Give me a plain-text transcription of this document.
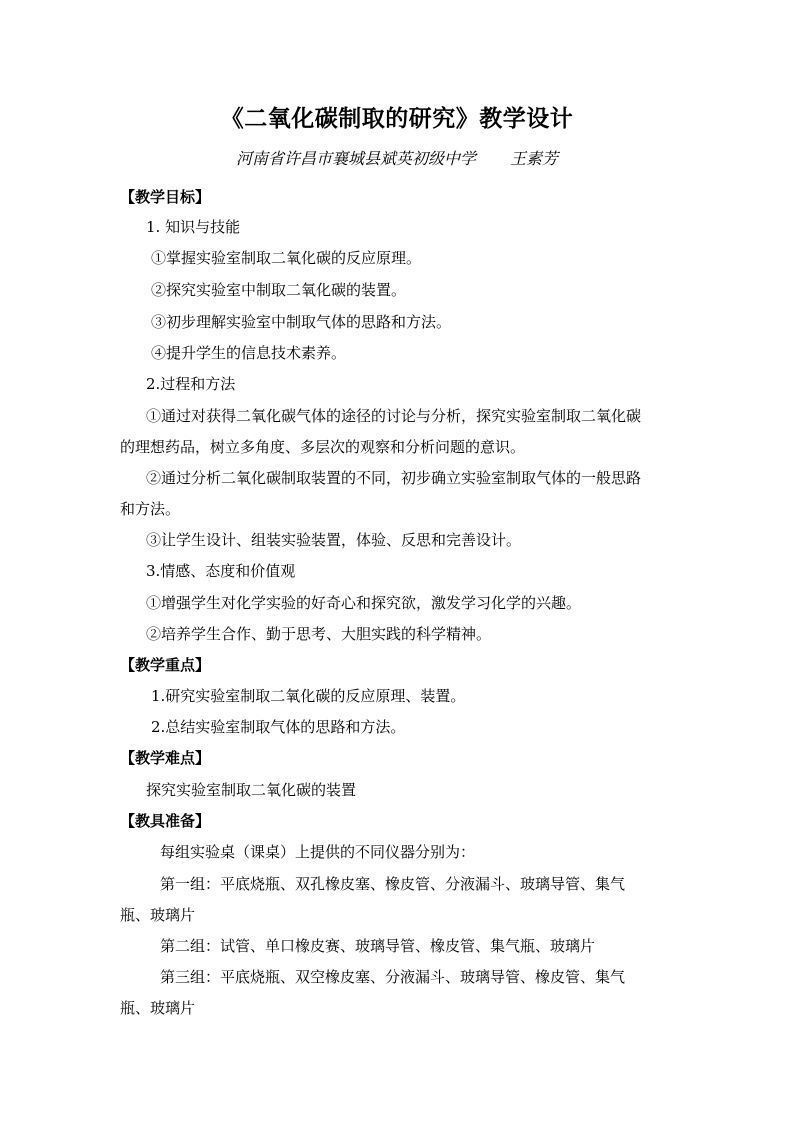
《二氧化碳制取的研究》教学设计
河南省许昌市襄城县斌英初级中学 王素芳
【教学目标】
1. 知识与技能
①掌握实验室制取二氧化碳的反应原理。
②探究实验室中制取二氧化碳的装置。
③初步理解实验室中制取气体的思路和方法。
④提升学生的信息技术素养。
2.过程和方法
①通过对获得二氧化碳气体的途径的讨论与分析，探究实验室制取二氧化碳
的理想药品，树立多角度、多层次的观察和分析问题的意识。
②通过分析二氧化碳制取装置的不同，初步确立实验室制取气体的一般思路
和方法。
③让学生设计、组装实验装置，体验、反思和完善设计。
3.情感、态度和价值观
①增强学生对化学实验的好奇心和探究欲，激发学习化学的兴趣。
②培养学生合作、勤于思考、大胆实践的科学精神。
【教学重点】
1.研究实验室制取二氧化碳的反应原理、装置。
2.总结实验室制取气体的思路和方法。
【教学难点】
探究实验室制取二氧化碳的装置
【教具准备】
每组实验桌（课桌）上提供的不同仪器分别为：
第一组：平底烧瓶、双孔橡皮塞、橡皮管、分液漏斗、玻璃导管、集气
瓶、玻璃片
第二组：试管、单口橡皮赛、玻璃导管、橡皮管、集气瓶、玻璃片
第三组：平底烧瓶、双空橡皮塞、分液漏斗、玻璃导管、橡皮管、集气
瓶、玻璃片
